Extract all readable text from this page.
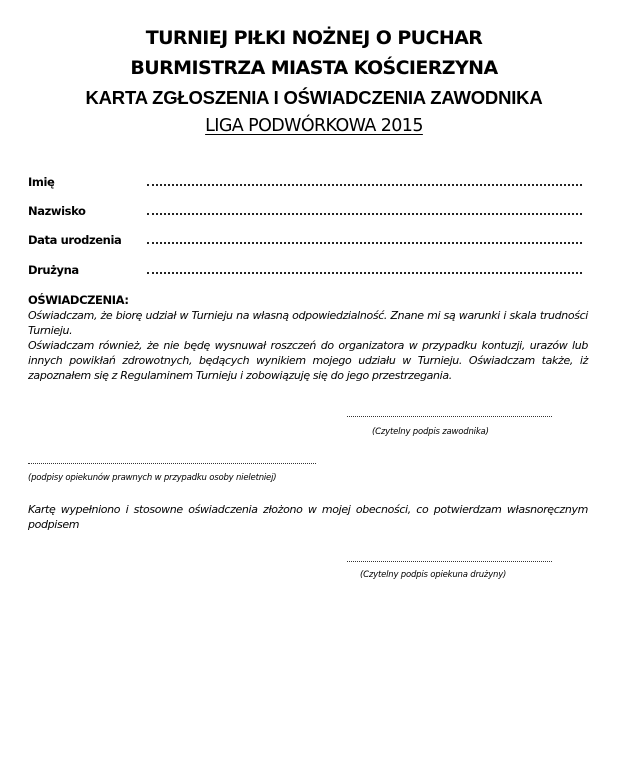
TURNIEJ PIŁKI NOŻNEJ O PUCHAR
BURMISTRZA MIASTA KOŚCIERZYNA
KARTA ZGŁOSZENIA I OŚWIADCZENIA ZAWODNIKA
LIGA PODWÓRKOWA 2015
Imię
Nazwisko
Data urodzenia
Drużyna
OŚWIADCZENIA:
Oświadczam, że biorę udział w Turnieju na własną odpowiedzialność. Znane mi są warunki i skala trudności Turnieju.
Oświadczam również, że nie będę wysnuwał roszczeń do organizatora w przypadku kontuzji, urazów lub innych powikłań zdrowotnych, będących wynikiem mojego udziału w Turnieju. Oświadczam także, iż zapoznałem się z Regulaminem Turnieju i zobowiązuję się do jego przestrzegania.
(Czytelny podpis zawodnika)
(podpisy opiekunów prawnych w przypadku osoby nieletniej)
Kartę wypełniono i stosowne oświadczenia złożono w mojej obecności, co potwierdzam własnoręcznym podpisem
(Czytelny podpis opiekuna drużyny)
